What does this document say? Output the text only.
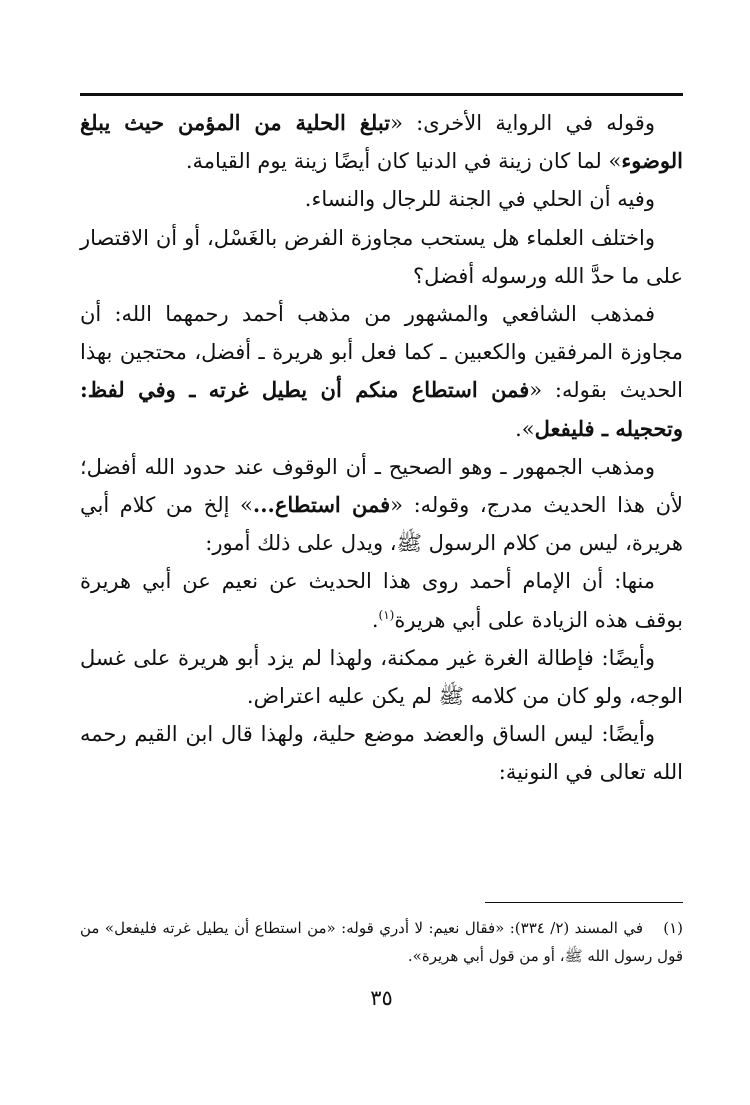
وقوله في الرواية الأخرى: «تبلغ الحلية من المؤمن حيث يبلغ الوضوء» لما كان زينة في الدنيا كان أيضًا زينة يوم القيامة.

وفيه أن الحلي في الجنة للرجال والنساء.

واختلف العلماء هل يستحب مجاوزة الفرض بالغَسْل، أو أن الاقتصار على ما حدَّ الله ورسوله أفضل؟

فمذهب الشافعي والمشهور من مذهب أحمد رحمهما الله: أن مجاوزة المرفقين والكعبين ـ كما فعل أبو هريرة ـ أفضل، محتجين بهذا الحديث بقوله: «فمن استطاع منكم أن يطيل غرته ـ وفي لفظ: وتحجيله ـ فليفعل».

ومذهب الجمهور ـ وهو الصحيح ـ أن الوقوف عند حدود الله أفضل؛ لأن هذا الحديث مدرج، وقوله: «فمن استطاع...» إلخ من كلام أبي هريرة، ليس من كلام الرسول ﷺ، ويدل على ذلك أمور:

منها: أن الإمام أحمد روى هذا الحديث عن نعيم عن أبي هريرة بوقف هذه الزيادة على أبي هريرة$^{(١)}$.

وأيضًا: فإطالة الغرة غير ممكنة، ولهذا لم يزد أبو هريرة على غسل الوجه، ولو كان من كلامه ﷺ لم يكن عليه اعتراض.

وأيضًا: ليس الساق والعضد موضع حلية، ولهذا قال ابن القيم رحمه الله تعالى في النونية:

(١)في المسند (٢/ ٣٣٤): «فقال نعيم: لا أدري قوله: «من استطاع أن يطيل غرته فليفعل» من قول رسول الله ﷺ، أو من قول أبي هريرة».

٣٥
